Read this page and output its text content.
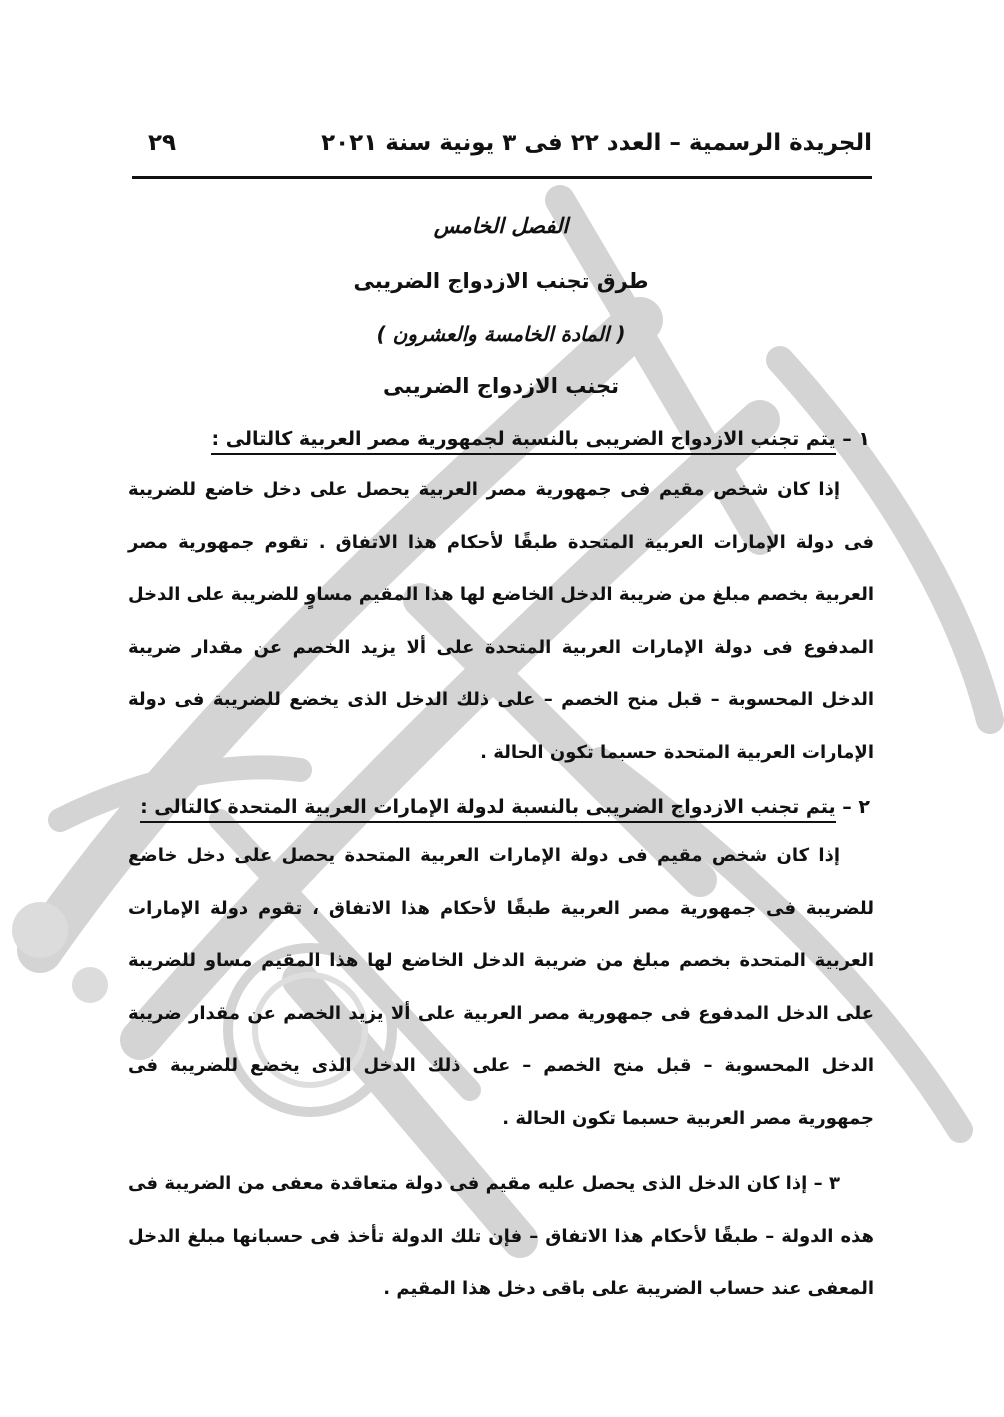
الجريدة الرسمية – العدد ٢٢ فى ٣ يونية سنة ٢٠٢١
٢٩
الفصل الخامس
طرق تجنب الازدواج الضريبى
( المادة الخامسة والعشرون )
تجنب الازدواج الضريبى
١ – يتم تجنب الازدواج الضريبى بالنسبة لجمهورية مصر العربية كالتالى :
إذا كان شخص مقيم فى جمهورية مصر العربية يحصل على دخل خاضع للضريبة فى دولة الإمارات العربية المتحدة طبقًا لأحكام هذا الاتفاق . تقوم جمهورية مصر العربية بخصم مبلغ من ضريبة الدخل الخاضع لها هذا المقيم مساوٍ للضريبة على الدخل المدفوع فى دولة الإمارات العربية المتحدة على ألا يزيد الخصم عن مقدار ضريبة الدخل المحسوبة – قبل منح الخصم – على ذلك الدخل الذى يخضع للضريبة فى دولة الإمارات العربية المتحدة حسبما تكون الحالة .
٢ – يتم تجنب الازدواج الضريبى بالنسبة لدولة الإمارات العربية المتحدة كالتالى :
إذا كان شخص مقيم فى دولة الإمارات العربية المتحدة يحصل على دخل خاضع للضريبة فى جمهورية مصر العربية طبقًا لأحكام هذا الاتفاق ، تقوم دولة الإمارات العربية المتحدة بخصم مبلغ من ضريبة الدخل الخاضع لها هذا المقيم مساو للضريبة على الدخل المدفوع فى جمهورية مصر العربية على ألا يزيد الخصم عن مقدار ضريبة الدخل المحسوبة – قبل منح الخصم – على ذلك الدخل الذى يخضع للضريبة فى جمهورية مصر العربية حسبما تكون الحالة .
٣ – إذا كان الدخل الذى يحصل عليه مقيم فى دولة متعاقدة معفى من الضريبة فى هذه الدولة – طبقًا لأحكام هذا الاتفاق – فإن تلك الدولة تأخذ فى حسبانها مبلغ الدخل المعفى عند حساب الضريبة على باقى دخل هذا المقيم .
